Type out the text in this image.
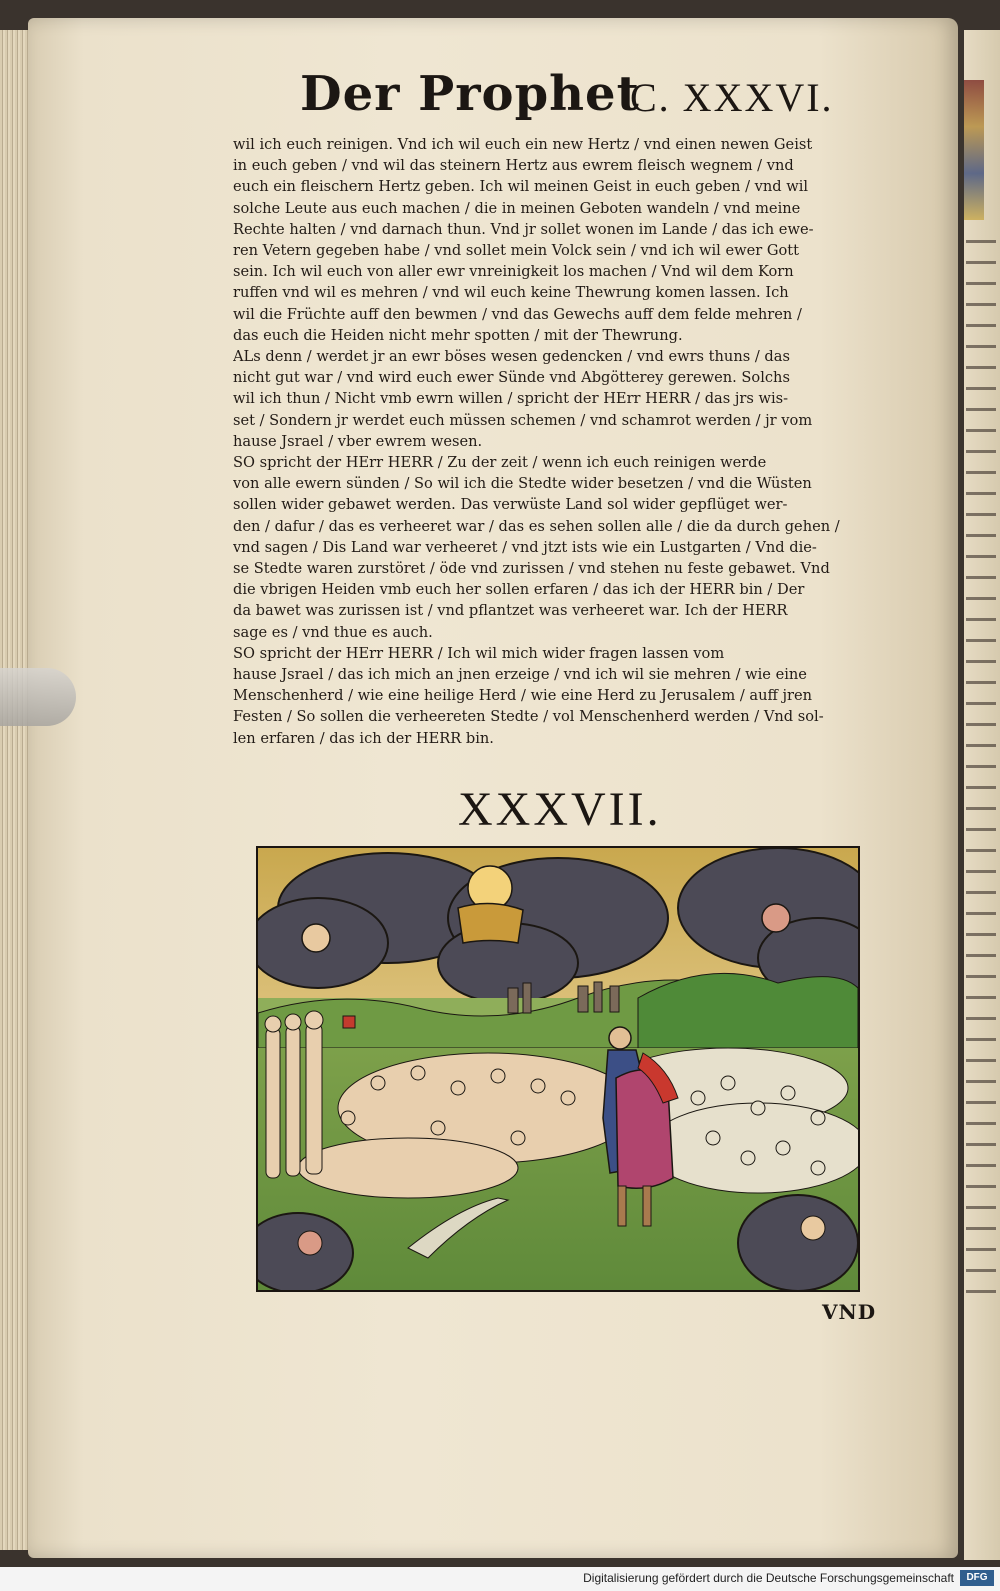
Der Prophet
C. XXXVI.
wil ich euch reinigen. Vnd ich wil euch ein new Hertz / vnd einen newen Geist
in euch geben / vnd wil das steinern Hertz aus ewrem fleisch wegnem / vnd
euch ein fleischern Hertz geben. Ich wil meinen Geist in euch geben / vnd wil
solche Leute aus euch machen / die in meinen Geboten wandeln / vnd meine
Rechte halten / vnd darnach thun. Vnd jr sollet wonen im Lande / das ich ewe-
ren Vetern gegeben habe / vnd sollet mein Volck sein / vnd ich wil ewer Gott
sein. Ich wil euch von aller ewr vnreinigkeit los machen / Vnd wil dem Korn
ruffen vnd wil es mehren / vnd wil euch keine Thewrung komen lassen. Ich
wil die Früchte auff den bewmen / vnd das Gewechs auff dem felde mehren /
das euch die Heiden nicht mehr spotten / mit der Thewrung.
ALs denn / werdet jr an ewr böses wesen gedencken / vnd ewrs thuns / das
nicht gut war / vnd wird euch ewer Sünde vnd Abgötterey gerewen. Solchs
wil ich thun / Nicht vmb ewrn willen / spricht der HErr HERR / das jrs wis-
set / Sondern jr werdet euch müssen schemen / vnd schamrot werden / jr vom
hause Jsrael / vber ewrem wesen.
SO spricht der HErr HERR / Zu der zeit / wenn ich euch reinigen werde
von alle ewern sünden / So wil ich die Stedte wider besetzen / vnd die Wüsten
sollen wider gebawet werden. Das verwüste Land sol wider gepflüget wer-
den / dafur / das es verheeret war / das es sehen sollen alle / die da durch gehen /
vnd sagen / Dis Land war verheeret / vnd jtzt ists wie ein Lustgarten / Vnd die-
se Stedte waren zurstöret / öde vnd zurissen / vnd stehen nu feste gebawet. Vnd
die vbrigen Heiden vmb euch her sollen erfaren / das ich der HERR bin / Der
da bawet was zurissen ist / vnd pflantzet was verheeret war. Ich der HERR
sage es / vnd thue es auch.
SO spricht der HErr HERR / Ich wil mich wider fragen lassen vom
hause Jsrael / das ich mich an jnen erzeige / vnd ich wil sie mehren / wie eine
Menschenherd / wie eine heilige Herd / wie eine Herd zu Jerusalem / auff jren
Festen / So sollen die verheereten Stedte / vol Menschenherd werden / Vnd sol-
len erfaren / das ich der HERR bin.
XXXVII.
VND
Digitalisierung gefördert durch die Deutsche Forschungsgemeinschaft	DFG
